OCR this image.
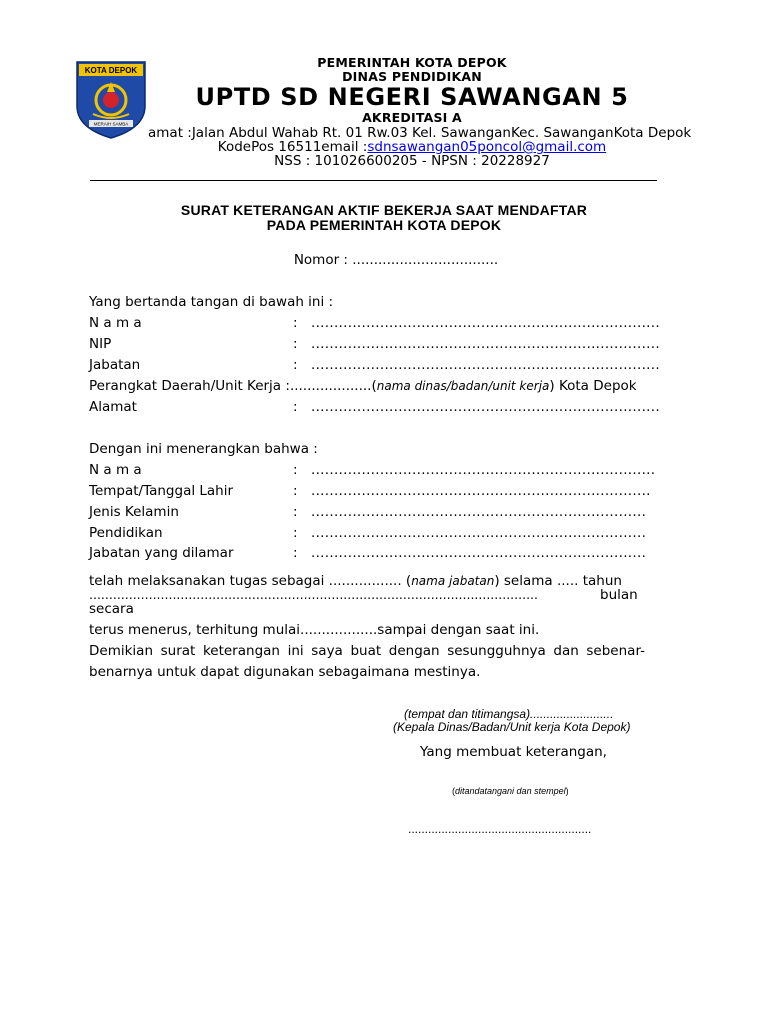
KOTA DEPOK
MERAIH SAMBA
PEMERINTAH KOTA DEPOK
DINAS PENDIDIKAN
UPTD SD NEGERI SAWANGAN 5
AKREDITASI A
amat :Jalan Abdul Wahab Rt. 01 Rw.03 Kel. SawanganKec. SawanganKota Depok
KodePos 16511email :sdnsawangan05poncol@gmail.com
NSS : 101026600205 - NPSN : 20228927
SURAT KETERANGAN AKTIF BEKERJA SAAT MENDAFTAR
PADA PEMERINTAH KOTA DEPOK
Nomor : ..................................
Yang bertanda tangan di bawah ini :
N a m a	: ............................................................................
NIP	: ............................................................................
Jabatan	: ............................................................................
Perangkat Daerah/Unit Kerja :...................(nama dinas/badan/unit kerja) Kota Depok
Alamat	: ............................................................................
Dengan ini menerangkan bahwa :
N a m a	: ...........................................................................
Tempat/Tanggal Lahir	: ..........................................................................
Jenis Kelamin	: .........................................................................
Pendidikan	: .........................................................................
Jabatan yang dilamar	: .........................................................................
telah melaksanakan tugas sebagai ................. (nama jabatan) selama ..... tahun
.................................................................................................................	bulan
secara
terus menerus, terhitung mulai..................sampai dengan saat ini.
Demikian surat keterangan ini saya buat dengan sesungguhnya dan sebenar-
benarnya untuk dapat digunakan sebagaimana mestinya.
(tempat dan titimangsa).........................
(Kepala Dinas/Badan/Unit kerja Kota Depok)
Yang membuat keterangan,
(ditandatangani dan stempel)
.......................................................
